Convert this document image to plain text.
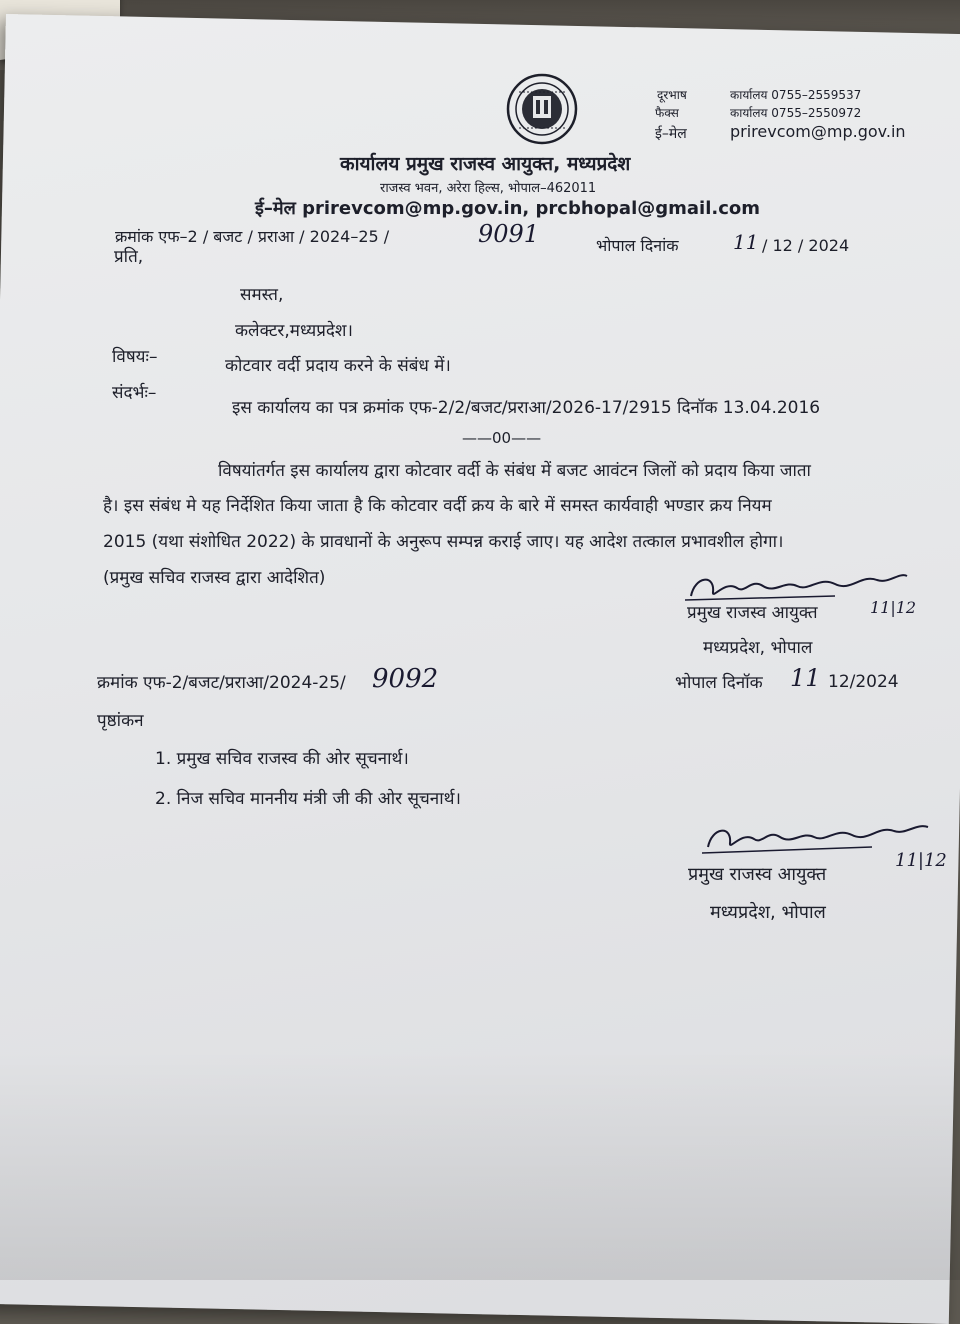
दूरभाष	कार्यालय 0755–2559537
फैक्स	कार्यालय 0755–2550972
ई–मेल	prirevcom@mp.gov.in
कार्यालय प्रमुख राजस्व आयुक्त, मध्यप्रदेश
राजस्व भवन, अरेरा हिल्स, भोपाल–462011
ई–मेल prirevcom@mp.gov.in, prcbhopal@gmail.com
क्रमांक एफ–2 / बजट / प्रराआ / 2024–25 /	9091	भोपाल दिनांक	11 / 12 / 2024
प्रति,
समस्त,
कलेक्टर,मध्यप्रदेश।
विषयः–	कोटवार वर्दी प्रदाय करने के संबंध में।
संदर्भः–
इस कार्यालय का पत्र क्रमांक एफ-2/2/बजट/प्रराआ/2026-17/2915 दिनॉक 13.04.2016
——00——
विषयांतर्गत इस कार्यालय द्वारा कोटवार वर्दी के संबंध में बजट आवंटन जिलों को प्रदाय किया जाता
है। इस संबंध मे यह निर्देशित किया जाता है कि कोटवार वर्दी क्रय के बारे में समस्त कार्यवाही भण्डार क्रय नियम
2015 (यथा संशोधित 2022) के प्रावधानों के अनुरूप सम्पन्न कराई जाए। यह आदेश तत्काल प्रभावशील होगा।
(प्रमुख सचिव राजस्व द्वारा आदेशित)
प्रमुख राजस्व आयुक्त	11|12
मध्यप्रदेश, भोपाल
क्रमांक एफ-2/बजट/प्रराआ/2024-25/ 9092	भोपाल दिनॉक 11 12/2024
पृष्ठांकन
1. प्रमुख सचिव राजस्व की ओर सूचनार्थ।
2. निज सचिव माननीय मंत्री जी की ओर सूचनार्थ।
प्रमुख राजस्व आयुक्त
11|12
मध्यप्रदेश, भोपाल
